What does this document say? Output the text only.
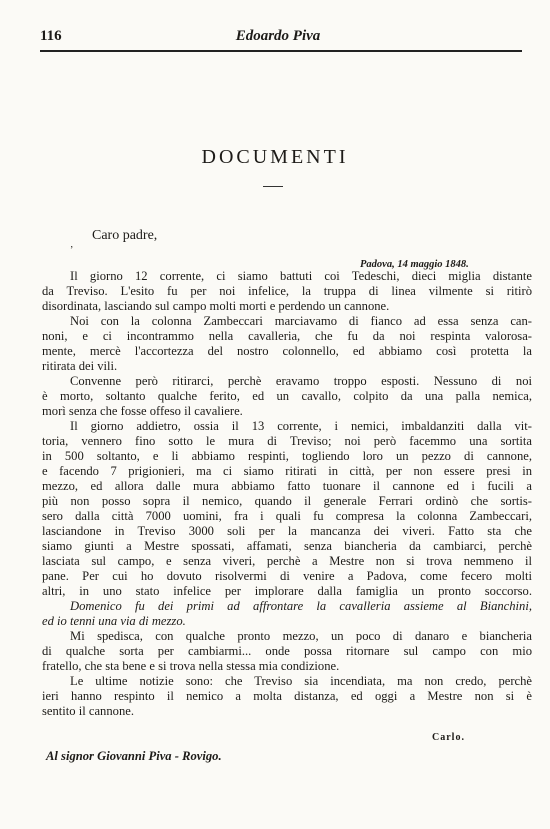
116	Edoardo Piva
DOCUMENTI
Caro padre,
’
Padova, 14 maggio 1848.
Il giorno 12 corrente, ci siamo battuti coi Tedeschi, dieci miglia distante
da Treviso. L'esito fu per noi infelice, la truppa di linea vilmente si ritirò
disordinata, lasciando sul campo molti morti e perdendo un cannone.
Noi con la colonna Zambeccari marciavamo di fianco ad essa senza can-
noni, e ci incontrammo nella cavalleria, che fu da noi respinta valorosa-
mente, mercè l'accortezza del nostro colonnello, ed abbiamo così protetta la
ritirata dei vili.
Convenne però ritirarci, perchè eravamo troppo esposti. Nessuno di noi
è morto, soltanto qualche ferito, ed un cavallo, colpito da una palla nemica,
morì senza che fosse offeso il cavaliere.
Il giorno addietro, ossia il 13 corrente, i nemici, imbaldanziti dalla vit-
toria, vennero fino sotto le mura di Treviso; noi però facemmo una sortita
in 500 soltanto, e li abbiamo respinti, togliendo loro un pezzo di cannone,
e facendo 7 prigionieri, ma ci siamo ritirati in città, per non essere presi in
mezzo, ed allora dalle mura abbiamo fatto tuonare il cannone ed i fucili a
più non posso sopra il nemico, quando il generale Ferrari ordinò che sortis-
sero dalla città 7000 uomini, fra i quali fu compresa la colonna Zambeccari,
lasciandone in Treviso 3000 soli per la mancanza dei viveri. Fatto sta che
siamo giunti a Mestre spossati, affamati, senza biancheria da cambiarci, perchè
lasciata sul campo, e senza viveri, perchè a Mestre non si trova nemmeno il
pane. Per cui ho dovuto risolvermi di venire a Padova, come fecero molti
altri, in uno stato infelice per implorare dalla famiglia un pronto soccorso.
Domenico fu dei primi ad affrontare la cavalleria assieme al Bianchini,
ed io tenni una via di mezzo.
Mi spedisca, con qualche pronto mezzo, un poco di danaro e biancheria
di qualche sorta per cambiarmi... onde possa ritornare sul campo con mio
fratello, che sta bene e si trova nella stessa mia condizione.
Le ultime notizie sono: che Treviso sia incendiata, ma non credo, perchè
ieri hanno respinto il nemico a molta distanza, ed oggi a Mestre non si è
sentito il cannone.
Carlo.
Al signor Giovanni Piva - Rovigo.
